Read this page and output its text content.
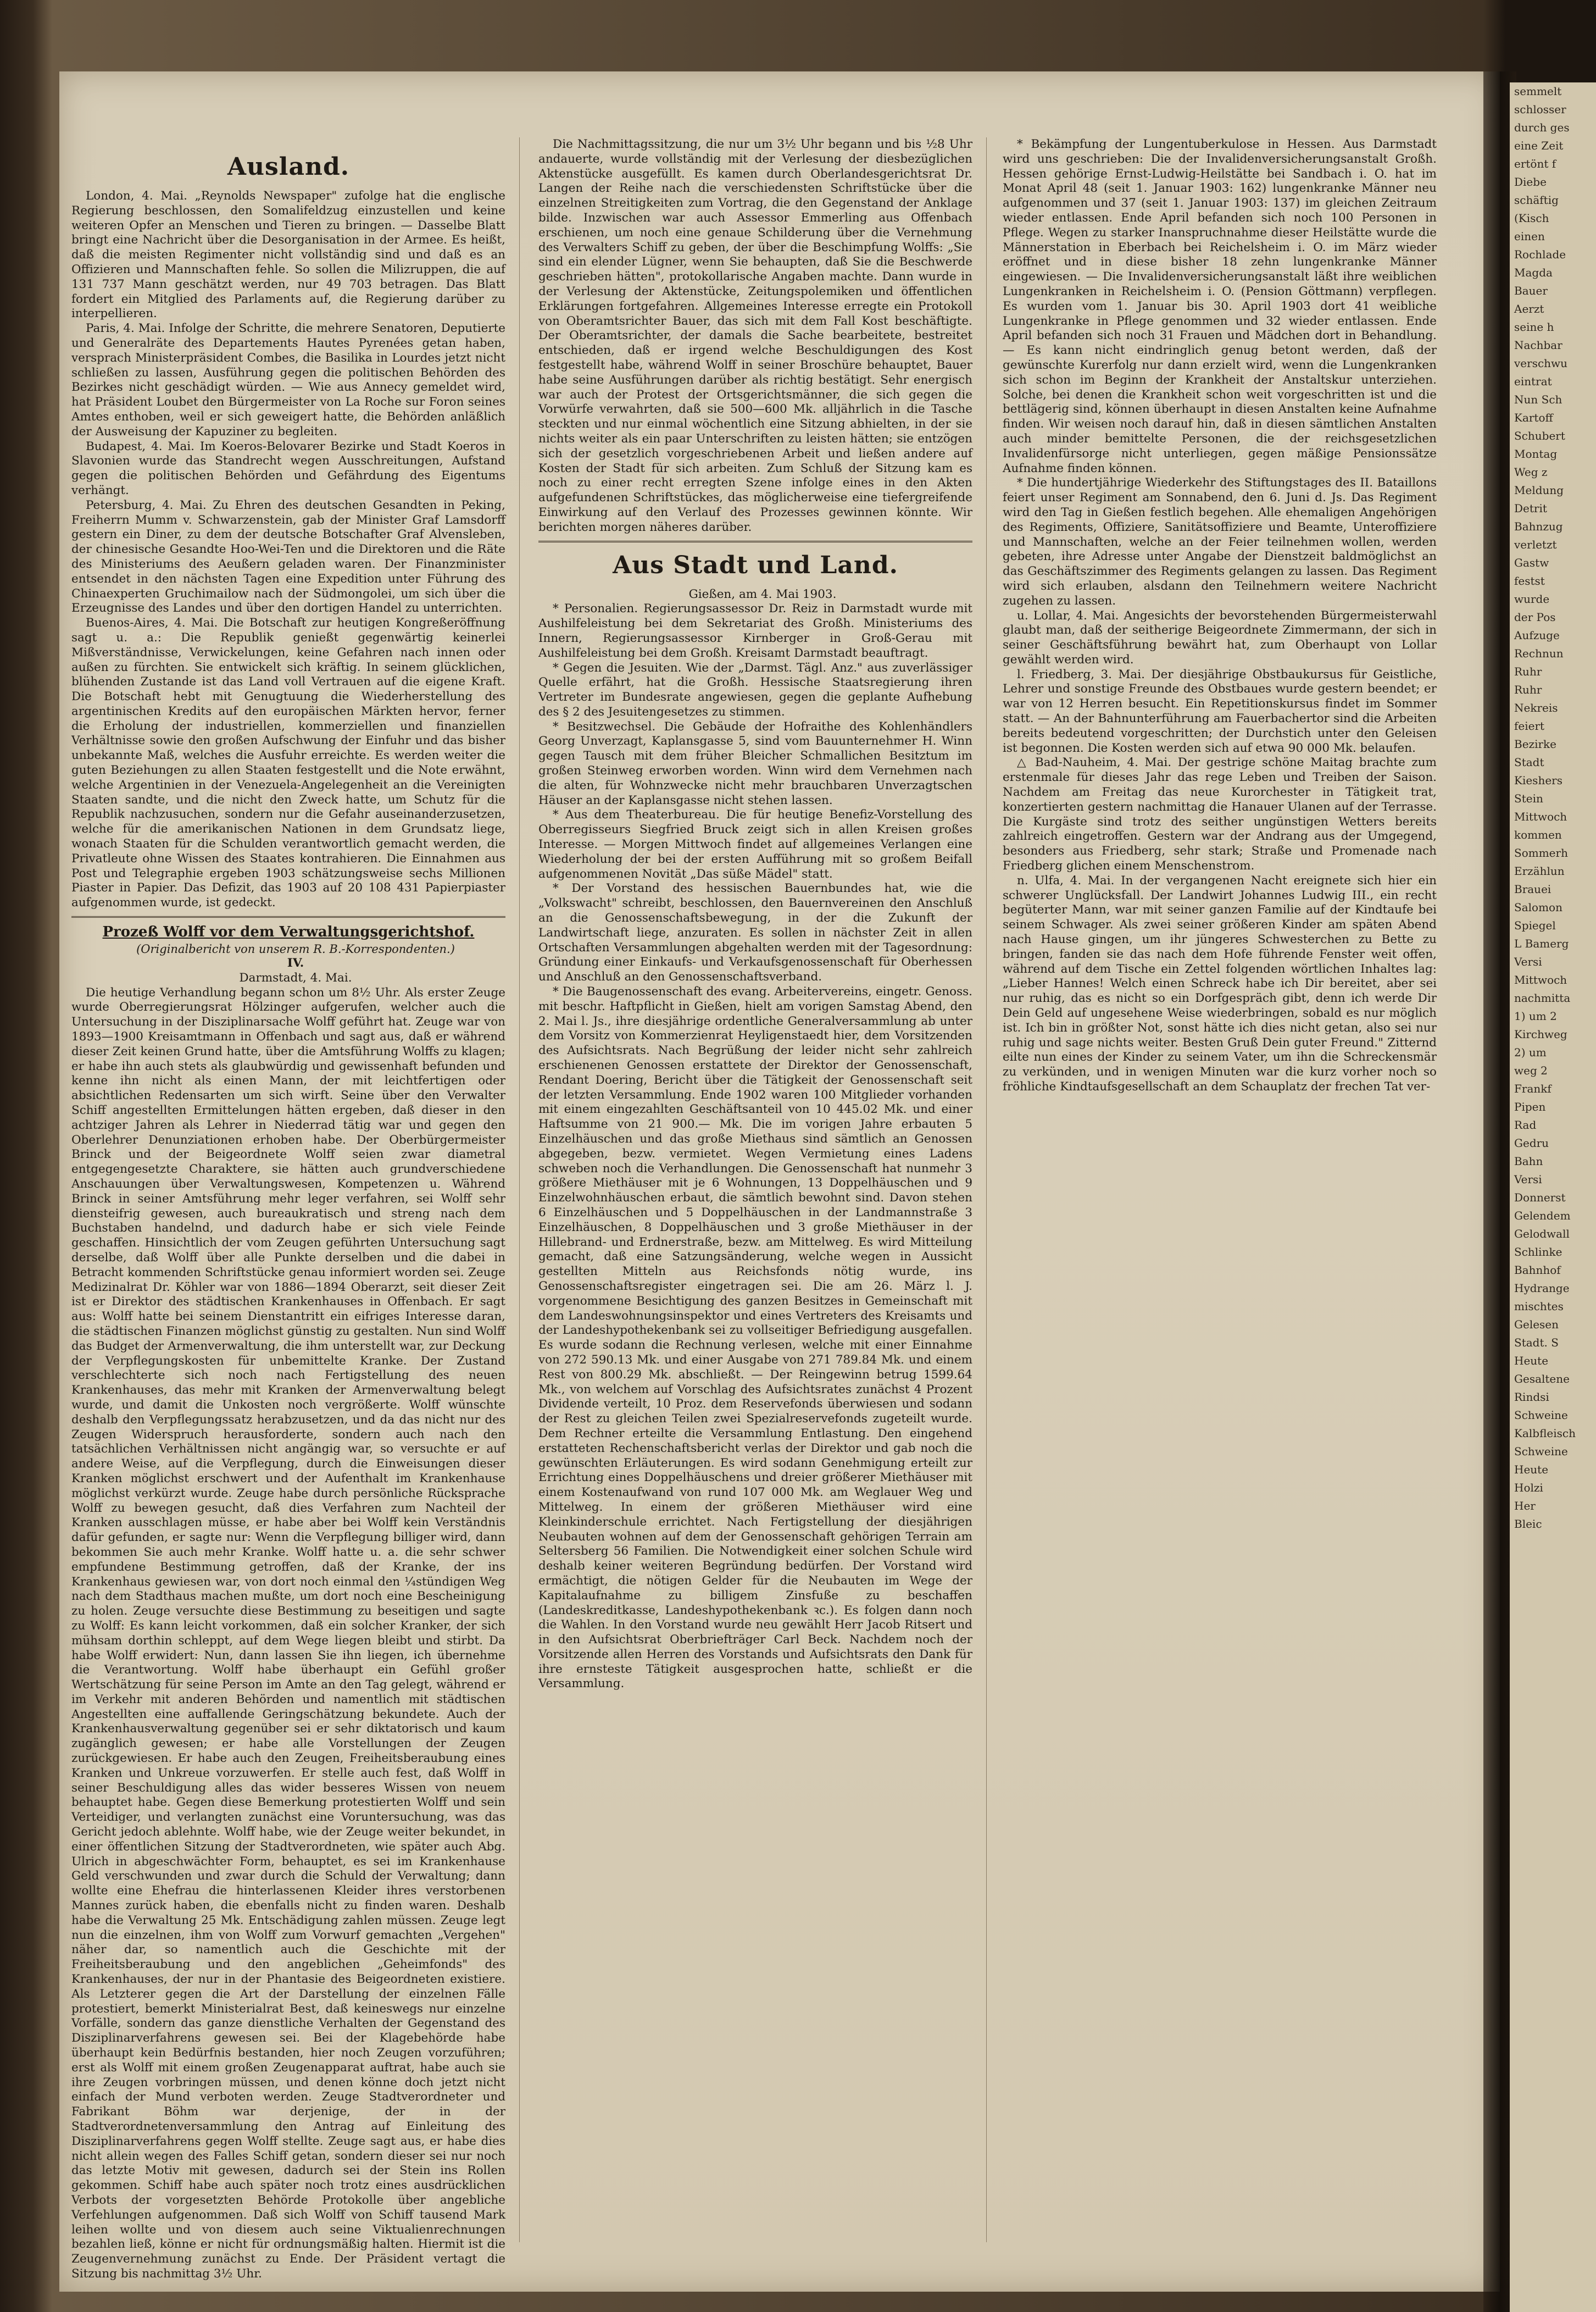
Ausland.

London, 4. Mai. „Reynolds Newspaper" zufolge hat die englische Regierung beschlossen, den Somalifeldzug einzustellen und keine weiteren Opfer an Menschen und Tieren zu bringen. — Dasselbe Blatt bringt eine Nachricht über die Desorganisation in der Armee. Es heißt, daß die meisten Regimenter nicht vollständig sind und daß es an Offizieren und Mannschaften fehle. So sollen die Milizruppen, die auf 131 737 Mann geschätzt werden, nur 49 703 betragen. Das Blatt fordert ein Mitglied des Parlaments auf, die Regierung darüber zu interpellieren.

Paris, 4. Mai. Infolge der Schritte, die mehrere Senatoren, Deputierte und Generalräte des Departements Hautes Pyrenées getan haben, versprach Ministerpräsident Combes, die Basilika in Lourdes jetzt nicht schließen zu lassen, Ausführung gegen die politischen Behörden des Bezirkes nicht geschädigt würden. — Wie aus Annecy gemeldet wird, hat Präsident Loubet den Bürgermeister von La Roche sur Foron seines Amtes enthoben, weil er sich geweigert hatte, die Behörden anläßlich der Ausweisung der Kapuziner zu begleiten.

Budapest, 4. Mai. Im Koeros-Belovarer Bezirke und Stadt Koeros in Slavonien wurde das Standrecht wegen Ausschreitungen, Aufstand gegen die politischen Behörden und Gefährdung des Eigentums verhängt.

Petersburg, 4. Mai. Zu Ehren des deutschen Gesandten in Peking, Freiherrn Mumm v. Schwarzenstein, gab der Minister Graf Lamsdorff gestern ein Diner, zu dem der deutsche Botschafter Graf Alvensleben, der chinesische Gesandte Hoo-Wei-Ten und die Direktoren und die Räte des Ministeriums des Aeußern geladen waren. Der Finanzminister entsendet in den nächsten Tagen eine Expedition unter Führung des Chinaexperten Gruchimailow nach der Südmongolei, um sich über die Erzeugnisse des Landes und über den dortigen Handel zu unterrichten.

Buenos-Aires, 4. Mai. Die Botschaft zur heutigen Kongreßeröffnung sagt u. a.: Die Republik genießt gegenwärtig keinerlei Mißverständnisse, Verwickelungen, keine Gefahren nach innen oder außen zu fürchten. Sie entwickelt sich kräftig. In seinem glücklichen, blühenden Zustande ist das Land voll Vertrauen auf die eigene Kraft. Die Botschaft hebt mit Genugtuung die Wiederherstellung des argentinischen Kredits auf den europäischen Märkten hervor, ferner die Erholung der industriellen, kommerziellen und finanziellen Verhältnisse sowie den großen Aufschwung der Einfuhr und das bisher unbekannte Maß, welches die Ausfuhr erreichte. Es werden weiter die guten Beziehungen zu allen Staaten festgestellt und die Note erwähnt, welche Argentinien in der Venezuela-Angelegenheit an die Vereinigten Staaten sandte, und die nicht den Zweck hatte, um Schutz für die Republik nachzusuchen, sondern nur die Gefahr auseinanderzusetzen, welche für die amerikanischen Nationen in dem Grundsatz liege, wonach Staaten für die Schulden verantwortlich gemacht werden, die Privatleute ohne Wissen des Staates kontrahieren. Die Einnahmen aus Post und Telegraphie ergeben 1903 schätzungsweise sechs Millionen Piaster in Papier. Das Defizit, das 1903 auf 20 108 431 Papierpiaster aufgenommen wurde, ist gedeckt.

Prozeß Wolff vor dem Verwaltungsgerichtshof.

(Originalbericht von unserem R. B.-Korrespondenten.)

IV.

Darmstadt, 4. Mai.

Die heutige Verhandlung begann schon um 8½ Uhr. Als erster Zeuge wurde Oberregierungsrat Hölzinger aufgerufen, welcher auch die Untersuchung in der Disziplinarsache Wolff geführt hat. Zeuge war von 1893—1900 Kreisamtmann in Offenbach und sagt aus, daß er während dieser Zeit keinen Grund hatte, über die Amtsführung Wolffs zu klagen; er habe ihn auch stets als glaubwürdig und gewissenhaft befunden und kenne ihn nicht als einen Mann, der mit leichtfertigen oder absichtlichen Redensarten um sich wirft. Seine über den Verwalter Schiff angestellten Ermittelungen hätten ergeben, daß dieser in den achtziger Jahren als Lehrer in Niederrad tätig war und gegen den Oberlehrer Denunziationen erhoben habe. Der Oberbürgermeister Brinck und der Beigeordnete Wolff seien zwar diametral entgegengesetzte Charaktere, sie hätten auch grundverschiedene Anschauungen über Verwaltungswesen, Kompetenzen u. Während Brinck in seiner Amtsführung mehr leger verfahren, sei Wolff sehr diensteifrig gewesen, auch bureaukratisch und streng nach dem Buchstaben handelnd, und dadurch habe er sich viele Feinde geschaffen. Hinsichtlich der vom Zeugen geführten Untersuchung sagt derselbe, daß Wolff über alle Punkte derselben und die dabei in Betracht kommenden Schriftstücke genau informiert worden sei. Zeuge Medizinalrat Dr. Köhler war von 1886—1894 Oberarzt, seit dieser Zeit ist er Direktor des städtischen Krankenhauses in Offenbach. Er sagt aus: Wolff hatte bei seinem Dienstantritt ein eifriges Interesse daran, die städtischen Finanzen möglichst günstig zu gestalten. Nun sind Wolff das Budget der Armenverwaltung, die ihm unterstellt war, zur Deckung der Verpflegungskosten für unbemittelte Kranke. Der Zustand verschlechterte sich noch nach Fertigstellung des neuen Krankenhauses, das mehr mit Kranken der Armenverwaltung belegt wurde, und damit die Unkosten noch vergrößerte. Wolff wünschte deshalb den Verpflegungssatz herabzusetzen, und da das nicht nur des Zeugen Widerspruch herausforderte, sondern auch nach den tatsächlichen Verhältnissen nicht angängig war, so versuchte er auf andere Weise, auf die Verpflegung, durch die Einweisungen dieser Kranken möglichst erschwert und der Aufenthalt im Krankenhause möglichst verkürzt wurde. Zeuge habe durch persönliche Rücksprache Wolff zu bewegen gesucht, daß dies Verfahren zum Nachteil der Kranken ausschlagen müsse, er habe aber bei Wolff kein Verständnis dafür gefunden, er sagte nur: Wenn die Verpflegung billiger wird, dann bekommen Sie auch mehr Kranke. Wolff hatte u. a. die sehr schwer empfundene Bestimmung getroffen, daß der Kranke, der ins Krankenhaus gewiesen war, von dort noch einmal den ¼stündigen Weg nach dem Stadthaus machen mußte, um dort noch eine Bescheinigung zu holen. Zeuge versuchte diese Bestimmung zu beseitigen und sagte zu Wolff: Es kann leicht vorkommen, daß ein solcher Kranker, der sich mühsam dorthin schleppt, auf dem Wege liegen bleibt und stirbt. Da habe Wolff erwidert: Nun, dann lassen Sie ihn liegen, ich übernehme die Verantwortung. Wolff habe überhaupt ein Gefühl großer Wertschätzung für seine Person im Amte an den Tag gelegt, während er im Verkehr mit anderen Behörden und namentlich mit städtischen Angestellten eine auffallende Geringschätzung bekundete. Auch der Krankenhausverwaltung gegenüber sei er sehr diktatorisch und kaum zugänglich gewesen; er habe alle Vorstellungen der Zeugen zurückgewiesen. Er habe auch den Zeugen, Freiheitsberaubung eines Kranken und Unkreue vorzuwerfen. Er stelle auch fest, daß Wolff in seiner Beschuldigung alles das wider besseres Wissen von neuem behauptet habe. Gegen diese Bemerkung protestierten Wolff und sein Verteidiger, und verlangten zunächst eine Voruntersuchung, was das Gericht jedoch ablehnte. Wolff habe, wie der Zeuge weiter bekundet, in einer öffentlichen Sitzung der Stadtverordneten, wie später auch Abg. Ulrich in abgeschwächter Form, behauptet, es sei im Krankenhause Geld verschwunden und zwar durch die Schuld der Verwaltung; dann wollte eine Ehefrau die hinterlassenen Kleider ihres verstorbenen Mannes zurück haben, die ebenfalls nicht zu finden waren. Deshalb habe die Verwaltung 25 Mk. Entschädigung zahlen müssen. Zeuge legt nun die einzelnen, ihm von Wolff zum Vorwurf gemachten „Vergehen" näher dar, so namentlich auch die Geschichte mit der Freiheitsberaubung und den angeblichen „Geheimfonds" des Krankenhauses, der nur in der Phantasie des Beigeordneten existiere. Als Letzterer gegen die Art der Darstellung der einzelnen Fälle protestiert, bemerkt Ministerialrat Best, daß keineswegs nur einzelne Vorfälle, sondern das ganze dienstliche Verhalten der Gegenstand des Disziplinarverfahrens gewesen sei. Bei der Klagebehörde habe überhaupt kein Bedürfnis bestanden, hier noch Zeugen vorzuführen; erst als Wolff mit einem großen Zeugenapparat auftrat, habe auch sie ihre Zeugen vorbringen müssen, und denen könne doch jetzt nicht einfach der Mund verboten werden. Zeuge Stadtverordneter und Fabrikant Böhm war derjenige, der in der Stadtverordnetenversammlung den Antrag auf Einleitung des Disziplinarverfahrens gegen Wolff stellte. Zeuge sagt aus, er habe dies nicht allein wegen des Falles Schiff getan, sondern dieser sei nur noch das letzte Motiv mit gewesen, dadurch sei der Stein ins Rollen gekommen. Schiff habe auch später noch trotz eines ausdrücklichen Verbots der vorgesetzten Behörde Protokolle über angebliche Verfehlungen aufgenommen. Daß sich Wolff von Schiff tausend Mark leihen wollte und von diesem auch seine Viktualienrechnungen bezahlen ließ, könne er nicht für ordnungsmäßig halten. Hiermit ist die Zeugenvernehmung zunächst zu Ende. Der Präsident vertagt die Sitzung bis nachmittag 3½ Uhr.

Die Nachmittagssitzung, die nur um 3½ Uhr begann und bis ½8 Uhr andauerte, wurde vollständig mit der Verlesung der diesbezüglichen Aktenstücke ausgefüllt. Es kamen durch Oberlandesgerichtsrat Dr. Langen der Reihe nach die verschiedensten Schriftstücke über die einzelnen Streitigkeiten zum Vortrag, die den Gegenstand der Anklage bilde. Inzwischen war auch Assessor Emmerling aus Offenbach erschienen, um noch eine genaue Schilderung über die Vernehmung des Verwalters Schiff zu geben, der über die Beschimpfung Wolffs: „Sie sind ein elender Lügner, wenn Sie behaupten, daß Sie die Beschwerde geschrieben hätten", protokollarische Angaben machte. Dann wurde in der Verlesung der Aktenstücke, Zeitungspolemiken und öffentlichen Erklärungen fortgefahren. Allgemeines Interesse erregte ein Protokoll von Oberamtsrichter Bauer, das sich mit dem Fall Kost beschäftigte. Der Oberamtsrichter, der damals die Sache bearbeitete, bestreitet entschieden, daß er irgend welche Beschuldigungen des Kost festgestellt habe, während Wolff in seiner Broschüre behauptet, Bauer habe seine Ausführungen darüber als richtig bestätigt. Sehr energisch war auch der Protest der Ortsgerichtsmänner, die sich gegen die Vorwürfe verwahrten, daß sie 500—600 Mk. alljährlich in die Tasche steckten und nur einmal wöchentlich eine Sitzung abhielten, in der sie nichts weiter als ein paar Unterschriften zu leisten hätten; sie entzögen sich der gesetzlich vorgeschriebenen Arbeit und ließen andere auf Kosten der Stadt für sich arbeiten. Zum Schluß der Sitzung kam es noch zu einer recht erregten Szene infolge eines in den Akten aufgefundenen Schriftstückes, das möglicherweise eine tiefergreifende Einwirkung auf den Verlauf des Prozesses gewinnen könnte. Wir berichten morgen näheres darüber.

Aus Stadt und Land.

Gießen, am 4. Mai 1903.

* Personalien. Regierungsassessor Dr. Reiz in Darmstadt wurde mit Aushilfeleistung bei dem Sekretariat des Großh. Ministeriums des Innern, Regierungsassessor Kirnberger in Groß-Gerau mit Aushilfeleistung bei dem Großh. Kreisamt Darmstadt beauftragt.

* Gegen die Jesuiten. Wie der „Darmst. Tägl. Anz." aus zuverlässiger Quelle erfährt, hat die Großh. Hessische Staatsregierung ihren Vertreter im Bundesrate angewiesen, gegen die geplante Aufhebung des § 2 des Jesuitengesetzes zu stimmen.

* Besitzwechsel. Die Gebäude der Hofraithe des Kohlenhändlers Georg Unverzagt, Kaplansgasse 5, sind vom Bauunternehmer H. Winn gegen Tausch mit dem früher Bleicher Schmallichen Besitztum im großen Steinweg erworben worden. Winn wird dem Vernehmen nach die alten, für Wohnzwecke nicht mehr brauchbaren Unverzagtschen Häuser an der Kaplansgasse nicht stehen lassen.

* Aus dem Theaterbureau. Die für heutige Benefiz-Vorstellung des Oberregisseurs Siegfried Bruck zeigt sich in allen Kreisen großes Interesse. — Morgen Mittwoch findet auf allgemeines Verlangen eine Wiederholung der bei der ersten Aufführung mit so großem Beifall aufgenommenen Novität „Das süße Mädel" statt.

* Der Vorstand des hessischen Bauernbundes hat, wie die „Volkswacht" schreibt, beschlossen, den Bauernvereinen den Anschluß an die Genossenschaftsbewegung, in der die Zukunft der Landwirtschaft liege, anzuraten. Es sollen in nächster Zeit in allen Ortschaften Versammlungen abgehalten werden mit der Tagesordnung: Gründung einer Einkaufs- und Verkaufsgenossenschaft für Oberhessen und Anschluß an den Genossenschaftsverband.

* Die Baugenossenschaft des evang. Arbeitervereins, eingetr. Genoss. mit beschr. Haftpflicht in Gießen, hielt am vorigen Samstag Abend, den 2. Mai l. Js., ihre diesjährige ordentliche Generalversammlung ab unter dem Vorsitz von Kommerzienrat Heyligenstaedt hier, dem Vorsitzenden des Aufsichtsrats. Nach Begrüßung der leider nicht sehr zahlreich erschienenen Genossen erstattete der Direktor der Genossenschaft, Rendant Doering, Bericht über die Tätigkeit der Genossenschaft seit der letzten Versammlung. Ende 1902 waren 100 Mitglieder vorhanden mit einem eingezahlten Geschäftsanteil von 10 445.02 Mk. und einer Haftsumme von 21 900.— Mk. Die im vorigen Jahre erbauten 5 Einzelhäuschen und das große Miethaus sind sämtlich an Genossen abgegeben, bezw. vermietet. Wegen Vermietung eines Ladens schweben noch die Verhandlungen. Die Genossenschaft hat nunmehr 3 größere Miethäuser mit je 6 Wohnungen, 13 Doppelhäuschen und 9 Einzelwohnhäuschen erbaut, die sämtlich bewohnt sind. Davon stehen 6 Einzelhäuschen und 5 Doppelhäuschen in der Landmannstraße 3 Einzelhäuschen, 8 Doppelhäuschen und 3 große Miethäuser in der Hillebrand- und Erdnerstraße, bezw. am Mittelweg. Es wird Mitteilung gemacht, daß eine Satzungsänderung, welche wegen in Aussicht gestellten Mitteln aus Reichsfonds nötig wurde, ins Genossenschaftsregister eingetragen sei. Die am 26. März l. J. vorgenommene Besichtigung des ganzen Besitzes in Gemeinschaft mit dem Landeswohnungsinspektor und eines Vertreters des Kreisamts und der Landeshypothekenbank sei zu vollseitiger Befriedigung ausgefallen. Es wurde sodann die Rechnung verlesen, welche mit einer Einnahme von 272 590.13 Mk. und einer Ausgabe von 271 789.84 Mk. und einem Rest von 800.29 Mk. abschließt. — Der Reingewinn betrug 1599.64 Mk., von welchem auf Vorschlag des Aufsichtsrates zunächst 4 Prozent Dividende verteilt, 10 Proz. dem Reservefonds überwiesen und sodann der Rest zu gleichen Teilen zwei Spezialreservefonds zugeteilt wurde. Dem Rechner erteilte die Versammlung Entlastung. Den eingehend erstatteten Rechenschaftsbericht verlas der Direktor und gab noch die gewünschten Erläuterungen. Es wird sodann Genehmigung erteilt zur Errichtung eines Doppelhäuschens und dreier größerer Miethäuser mit einem Kostenaufwand von rund 107 000 Mk. am Weglauer Weg und Mittelweg. In einem der größeren Miethäuser wird eine Kleinkinderschule errichtet. Nach Fertigstellung der diesjährigen Neubauten wohnen auf dem der Genossenschaft gehörigen Terrain am Seltersberg 56 Familien. Die Notwendigkeit einer solchen Schule wird deshalb keiner weiteren Begründung bedürfen. Der Vorstand wird ermächtigt, die nötigen Gelder für die Neubauten im Wege der Kapitalaufnahme zu billigem Zinsfuße zu beschaffen (Landeskreditkasse, Landeshypothekenbank ꝛc.). Es folgen dann noch die Wahlen. In den Vorstand wurde neu gewählt Herr Jacob Ritsert und in den Aufsichtsrat Oberbriefträger Carl Beck. Nachdem noch der Vorsitzende allen Herren des Vorstands und Aufsichtsrats den Dank für ihre ernsteste Tätigkeit ausgesprochen hatte, schließt er die Versammlung.

* Bekämpfung der Lungentuberkulose in Hessen. Aus Darmstadt wird uns geschrieben: Die der Invalidenversicherungsanstalt Großh. Hessen gehörige Ernst-Ludwig-Heilstätte bei Sandbach i. O. hat im Monat April 48 (seit 1. Januar 1903: 162) lungenkranke Männer neu aufgenommen und 37 (seit 1. Januar 1903: 137) im gleichen Zeitraum wieder entlassen. Ende April befanden sich noch 100 Personen in Pflege. Wegen zu starker Inanspruchnahme dieser Heilstätte wurde die Männerstation in Eberbach bei Reichelsheim i. O. im März wieder eröffnet und in diese bisher 18 zehn lungenkranke Männer eingewiesen. — Die Invalidenversicherungsanstalt läßt ihre weiblichen Lungenkranken in Reichelsheim i. O. (Pension Göttmann) verpflegen. Es wurden vom 1. Januar bis 30. April 1903 dort 41 weibliche Lungenkranke in Pflege genommen und 32 wieder entlassen. Ende April befanden sich noch 31 Frauen und Mädchen dort in Behandlung. — Es kann nicht eindringlich genug betont werden, daß der gewünschte Kurerfolg nur dann erzielt wird, wenn die Lungenkranken sich schon im Beginn der Krankheit der Anstaltskur unterziehen. Solche, bei denen die Krankheit schon weit vorgeschritten ist und die bettlägerig sind, können überhaupt in diesen Anstalten keine Aufnahme finden. Wir weisen noch darauf hin, daß in diesen sämtlichen Anstalten auch minder bemittelte Personen, die der reichsgesetzlichen Invalidenfürsorge nicht unterliegen, gegen mäßige Pensionssätze Aufnahme finden können.

* Die hundertjährige Wiederkehr des Stiftungstages des II. Bataillons feiert unser Regiment am Sonnabend, den 6. Juni d. Js. Das Regiment wird den Tag in Gießen festlich begehen. Alle ehemaligen Angehörigen des Regiments, Offiziere, Sanitätsoffiziere und Beamte, Unteroffiziere und Mannschaften, welche an der Feier teilnehmen wollen, werden gebeten, ihre Adresse unter Angabe der Dienstzeit baldmöglichst an das Geschäftszimmer des Regiments gelangen zu lassen. Das Regiment wird sich erlauben, alsdann den Teilnehmern weitere Nachricht zugehen zu lassen.

u. Lollar, 4. Mai. Angesichts der bevorstehenden Bürgermeisterwahl glaubt man, daß der seitherige Beigeordnete Zimmermann, der sich in seiner Geschäftsführung bewährt hat, zum Oberhaupt von Lollar gewählt werden wird.

l. Friedberg, 3. Mai. Der diesjährige Obstbaukursus für Geistliche, Lehrer und sonstige Freunde des Obstbaues wurde gestern beendet; er war von 12 Herren besucht. Ein Repetitionskursus findet im Sommer statt. — An der Bahnunterführung am Fauerbachertor sind die Arbeiten bereits bedeutend vorgeschritten; der Durchstich unter den Geleisen ist begonnen. Die Kosten werden sich auf etwa 90 000 Mk. belaufen.

△ Bad-Nauheim, 4. Mai. Der gestrige schöne Maitag brachte zum erstenmale für dieses Jahr das rege Leben und Treiben der Saison. Nachdem am Freitag das neue Kurorchester in Tätigkeit trat, konzertierten gestern nachmittag die Hanauer Ulanen auf der Terrasse. Die Kurgäste sind trotz des seither ungünstigen Wetters bereits zahlreich eingetroffen. Gestern war der Andrang aus der Umgegend, besonders aus Friedberg, sehr stark; Straße und Promenade nach Friedberg glichen einem Menschenstrom.

n. Ulfa, 4. Mai. In der vergangenen Nacht ereignete sich hier ein schwerer Unglücksfall. Der Landwirt Johannes Ludwig III., ein recht begüterter Mann, war mit seiner ganzen Familie auf der Kindtaufe bei seinem Schwager. Als zwei seiner größeren Kinder am späten Abend nach Hause gingen, um ihr jüngeres Schwesterchen zu Bette zu bringen, fanden sie das nach dem Hofe führende Fenster weit offen, während auf dem Tische ein Zettel folgenden wörtlichen Inhaltes lag: „Lieber Hannes! Welch einen Schreck habe ich Dir bereitet, aber sei nur ruhig, das es nicht so ein Dorfgespräch gibt, denn ich werde Dir Dein Geld auf ungesehene Weise wiederbringen, sobald es nur möglich ist. Ich bin in größter Not, sonst hätte ich dies nicht getan, also sei nur ruhig und sage nichts weiter. Besten Gruß Dein guter Freund." Zitternd eilte nun eines der Kinder zu seinem Vater, um ihn die Schreckensmär zu verkünden, und in wenigen Minuten war die kurz vorher noch so fröhliche Kindtaufsgesellschaft an dem Schauplatz der frechen Tat ver-

semmelt
schlosser
durch ges
eine Zeit
ertönt f
Diebe
schäftig
(Kisch
einen
Rochlade
Magda
Bauer
Aerzt
seine h
Nachbar
verschwu
eintrat
Nun Sch
Kartoff
Schubert
Montag
Weg z
Meldung
Detrit
Bahnzug
verletzt
Gastw
festst
wurde
der Pos
Aufzuge
Rechnun
Ruhr
Ruhr
Nekreis
feiert
Bezirke
Stadt
Kieshers
Stein
Mittwoch
kommen
Sommerh
Erzählun
Brauei
Salomon
Spiegel
L Bamerg
Versi
Mittwoch
nachmitta
1) um 2
Kirchweg
2) um
weg 2
Frankf
Pipen
Rad
Gedru
Bahn
Versi
Donnerst
Gelendem
Gelodwall
Schlinke
Bahnhof
Hydrange
mischtes
Gelesen
Stadt. S
Heute
Gesaltene
Rindsi
Schweine
Kalbfleisch
Schweine
Heute
Holzi
Her
Bleic
